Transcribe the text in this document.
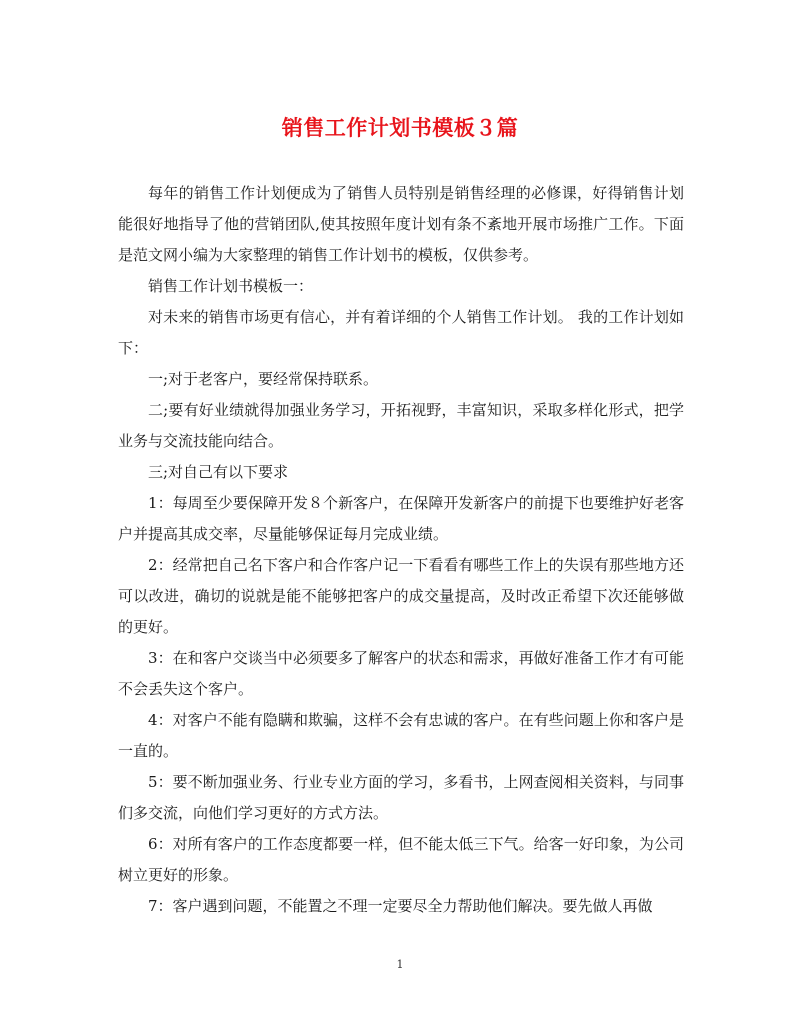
销售工作计划书模板３篇

每年的销售工作计划便成为了销售人员特别是销售经理的必修课，好得销售计划能很好地指导了他的营销团队,使其按照年度计划有条不紊地开展市场推广工作。下面是范文网小编为大家整理的销售工作计划书的模板，仅供参考。

销售工作计划书模板一：

对未来的销售市场更有信心，并有着详细的个人销售工作计划。 我的工作计划如下：

一;对于老客户，要经常保持联系。

二;要有好业绩就得加强业务学习，开拓视野，丰富知识，采取多样化形式，把学业务与交流技能向结合。

三;对自己有以下要求

1：每周至少要保障开发８个新客户，在保障开发新客户的前提下也要维护好老客户并提高其成交率，尽量能够保证每月完成业绩。

2：经常把自己名下客户和合作客户记一下看看有哪些工作上的失误有那些地方还可以改进，确切的说就是能不能够把客户的成交量提高，及时改正希望下次还能够做的更好。

3：在和客户交谈当中必须要多了解客户的状态和需求，再做好准备工作才有可能不会丢失这个客户。

4：对客户不能有隐瞒和欺骗，这样不会有忠诚的客户。在有些问题上你和客户是一直的。

5：要不断加强业务、行业专业方面的学习，多看书，上网查阅相关资料，与同事们多交流，向他们学习更好的方式方法。

6：对所有客户的工作态度都要一样，但不能太低三下气。给客一好印象，为公司树立更好的形象。

7：客户遇到问题，不能置之不理一定要尽全力帮助他们解决。要先做人再做

1
